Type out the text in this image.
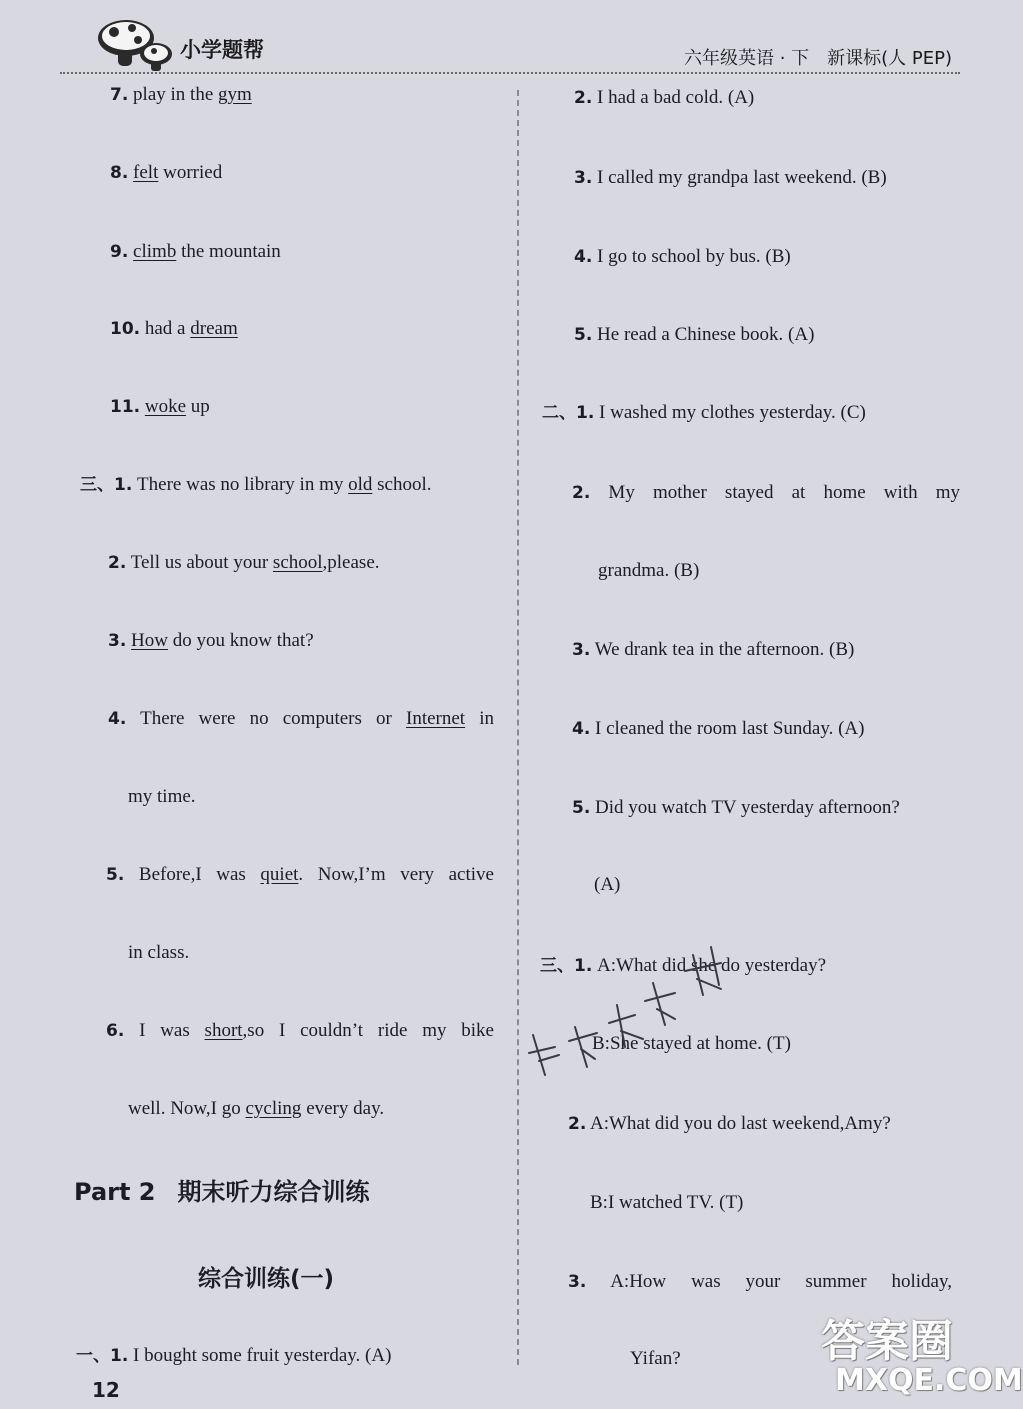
小学题帮	六年级英语 · 下　新课标(人 PEP)
7. play in the gym
8. felt worried
9. climb the mountain
10. had a dream
11. woke up
三、1. There was no library in my old school.
2. Tell us about your school,please.
3. How do you know that?
4. There were no computers or Internet in
my time.
5. Before,I was quiet. Now,I’m very active
in class.
6. I was short,so I couldn’t ride my bike
well. Now,I go cycling every day.
Part 2 期末听力综合训练
综合训练(一)
一、1. I bought some fruit yesterday. (A)
12
2. I had a bad cold. (A)
3. I called my grandpa last weekend. (B)
4. I go to school by bus. (B)
5. He read a Chinese book. (A)
二、1. I washed my clothes yesterday. (C)
2. My mother stayed at home with my
grandma. (B)
3. We drank tea in the afternoon. (B)
4. I cleaned the room last Sunday. (A)
5. Did you watch TV yesterday afternoon?
(A)
三、1. A:What did she do yesterday?
B:She stayed at home. (T)
2. A:What did you do last weekend,Amy?
B:I watched TV. (T)
3. A:How was your summer holiday,
Yifan?	答案圈
MXQE.COM
